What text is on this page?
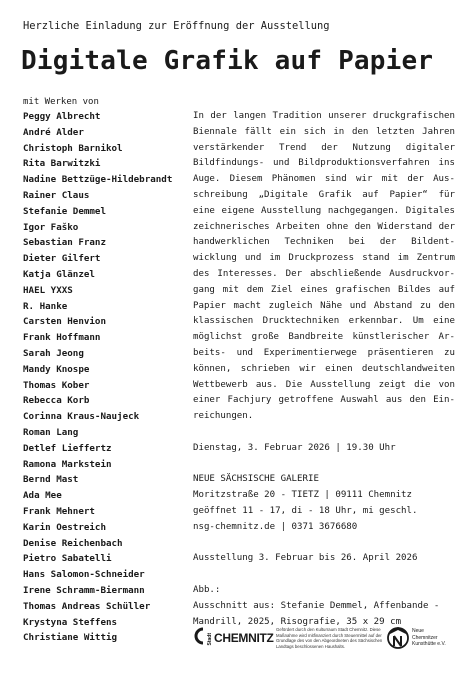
Herzliche Einladung zur Eröffnung der Ausstellung
Digitale Grafik auf Papier
mit Werken von
Peggy Albrecht
André Alder
Christoph Barnikol
Rita Barwitzki
Nadine Bettzüge-Hildebrandt
Rainer Claus
Stefanie Demmel
Igor Faško
Sebastian Franz
Dieter Gilfert
Katja Glänzel
HAEL YXXS
R. Hanke
Carsten Henvion
Frank Hoffmann
Sarah Jeong
Mandy Knospe
Thomas Kober
Rebecca Korb
Corinna Kraus-Naujeck
Roman Lang
Detlef Lieffertz
Ramona Markstein
Bernd Mast
Ada Mee
Frank Mehnert
Karin Oestreich
Denise Reichenbach
Pietro Sabatelli
Hans Salomon-Schneider
Irene Schramm-Biermann
Thomas Andreas Schüller
Krystyna Steffens
Christiane Wittig

In der langen Tradition unserer druckgrafischen Biennale fällt ein sich in den letzten Jahren verstärkender Trend der Nutzung digitaler Bildfindungs- und Bildproduktionsverfahren ins Auge. Diesem Phänomen sind wir mit der Ausschreibung „Digitale Grafik auf Papier“ für eine eigene Ausstellung nachgegangen. Digitales zeichnerisches Arbeiten ohne den Widerstand der handwerklichen Techniken bei der Bildentwicklung und im Druckprozess stand im Zentrum des Interesses. Der abschließende Ausdruckvorgang mit dem Ziel eines grafischen Bildes auf Papier macht zugleich Nähe und Abstand zu den klassischen Drucktechniken erkennbar. Um eine möglichst große Bandbreite künstlerischer Arbeits- und Experimentierwege präsentieren zu können, schrieben wir einen deutschlandweiten Wettbewerb aus. Die Ausstellung zeigt die von einer Fachjury getroffene Auswahl aus den Einreichungen.

Dienstag, 3. Februar 2026 | 19.30 Uhr

NEUE SÄCHSISCHE GALERIE

Moritzstraße 20 - TIETZ | 09111 Chemnitz

geöffnet 11 - 17, di - 18 Uhr, mi geschl.

nsg-chemnitz.de | 0371 3676680

Ausstellung 3. Februar bis 26. April 2026

Abb.:

Ausschnitt aus: Stefanie Demmel, Affenbande -

Mandrill, 2025, Risografie, 35 x 29 cm

Stadt CHEMNITZ
Gefördert durch den Kulturraum Stadt Chemnitz. Diese Maßnahme wird mitfinanziert durch Steuermittel auf der Grundlage des von den Abgeordneten des Sächsischen Landtags beschlossenen Haushalts.
Neue
Chemnitzer
Kunsthütte e.V.
